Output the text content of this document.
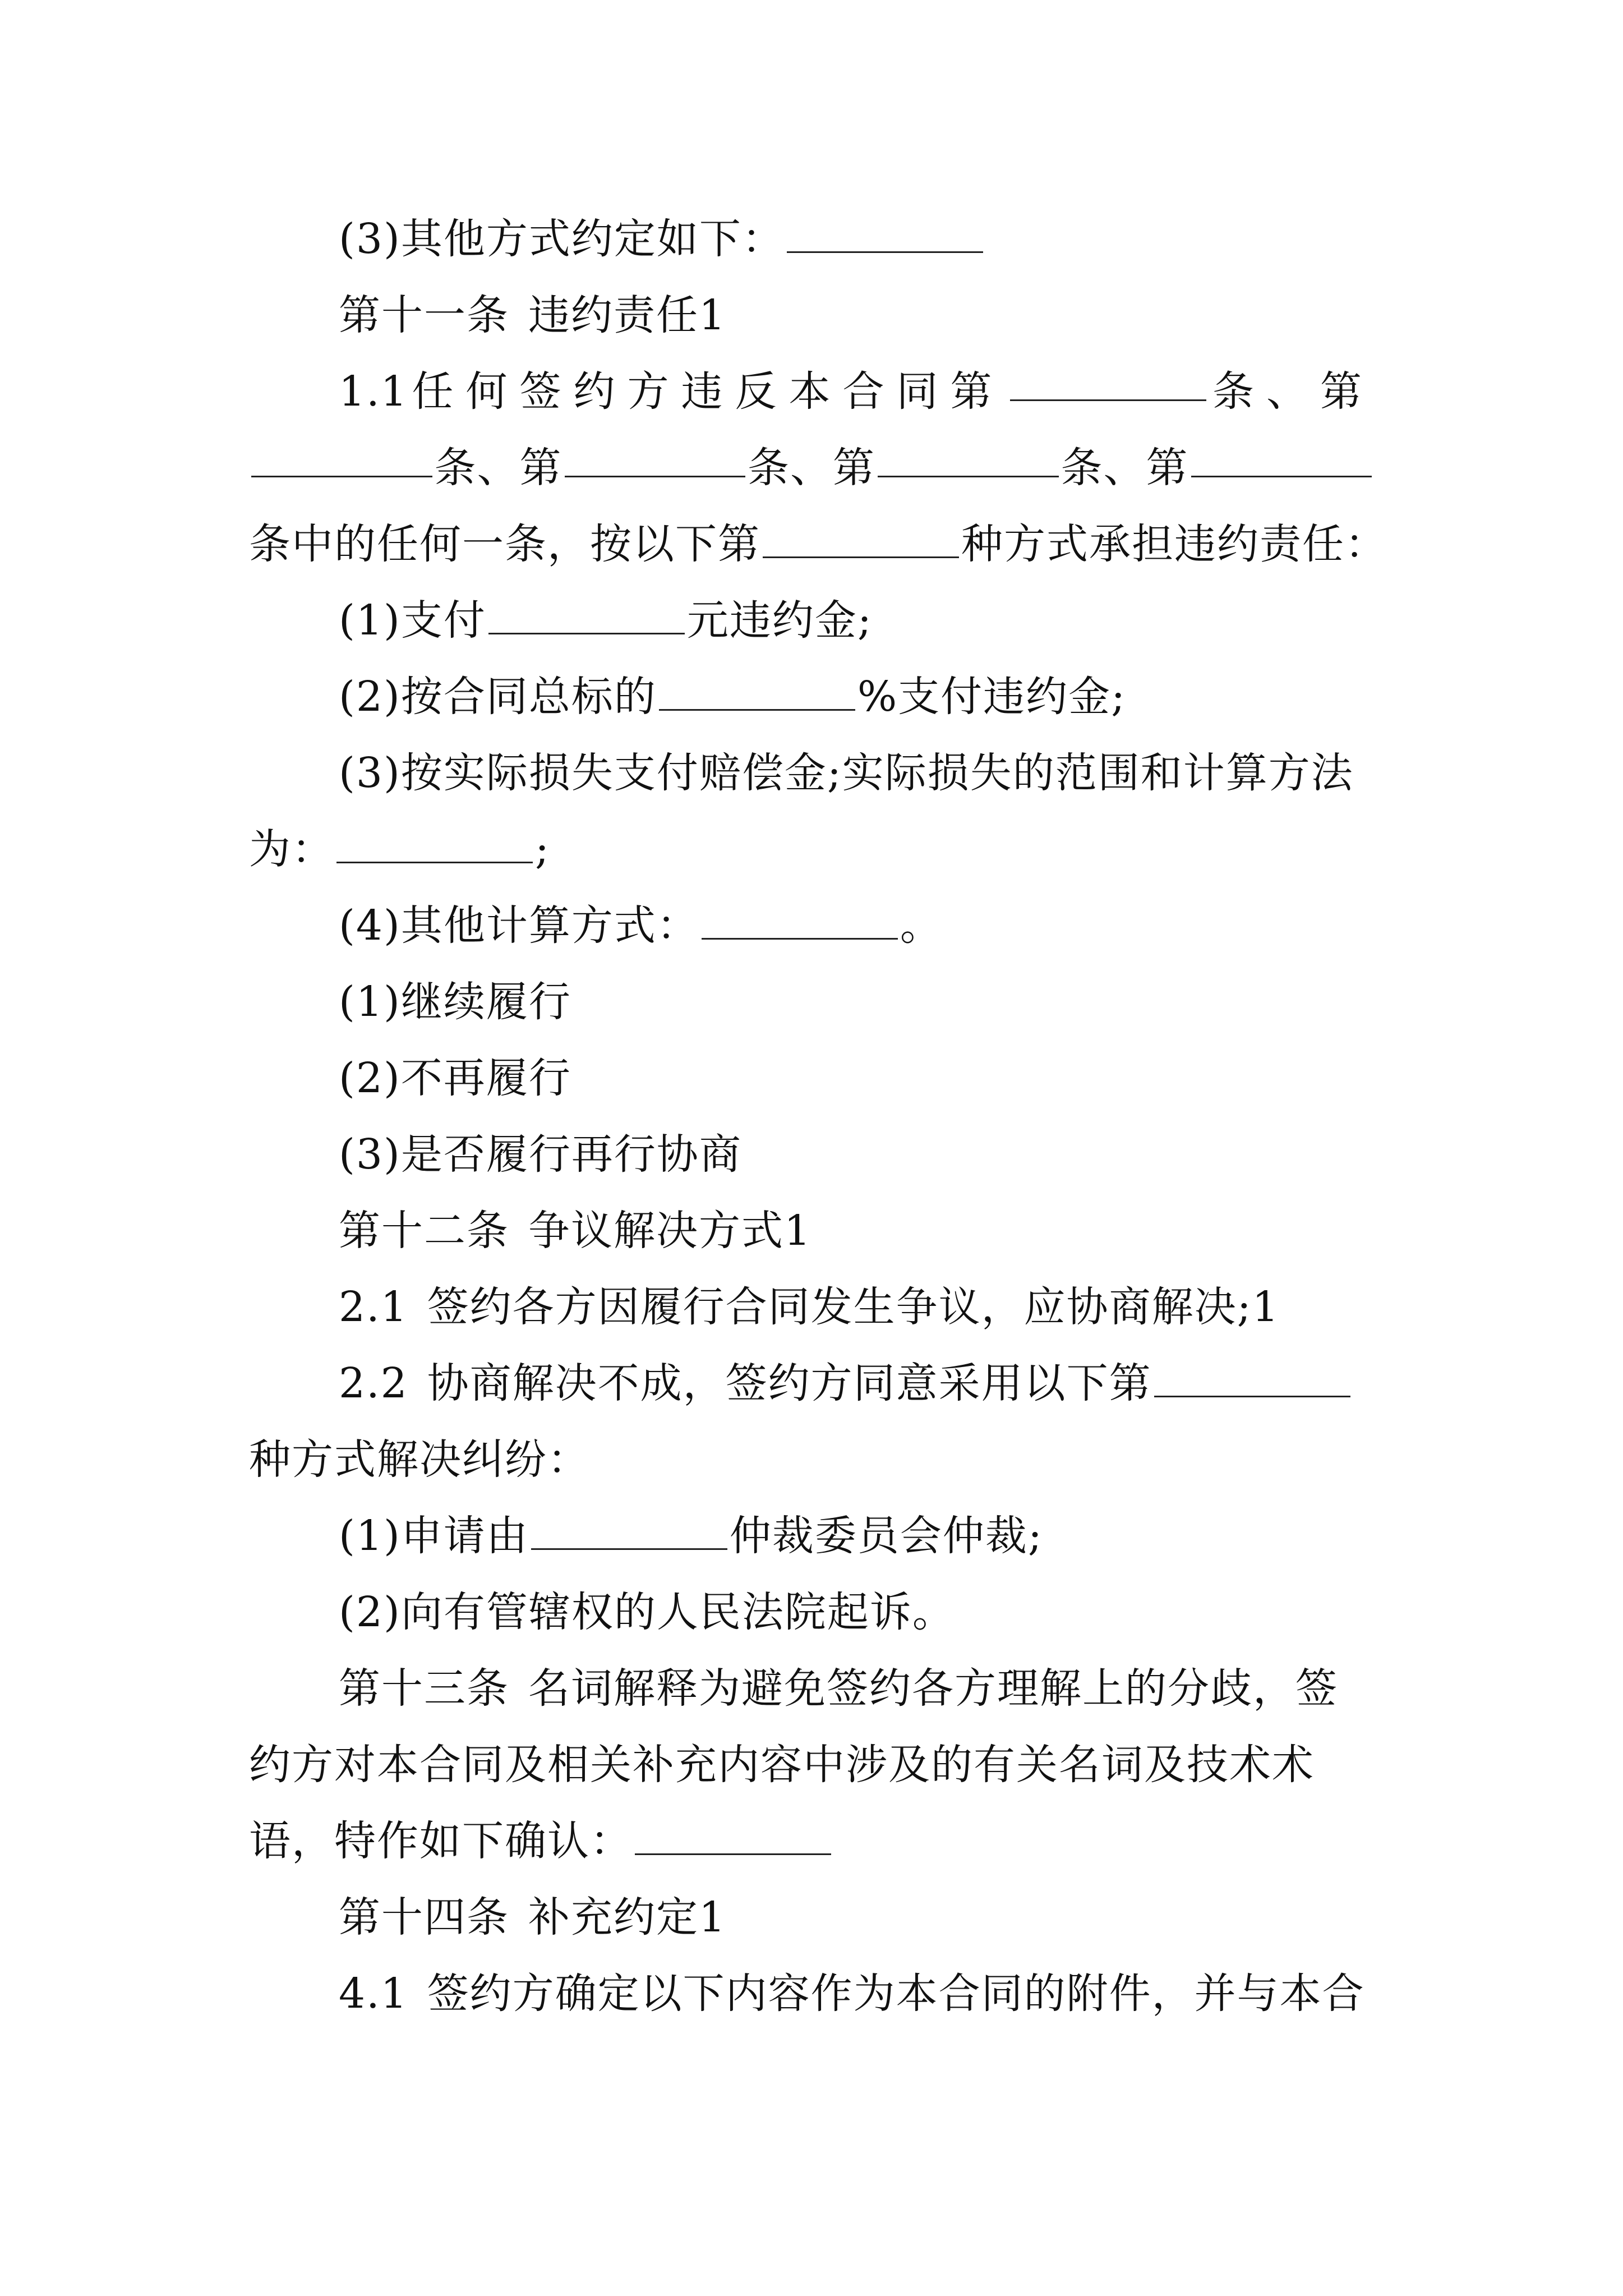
(3)其他方式约定如下：
第十一条 违约责任1
1.1 任何签约方违反本合同第	条、第
条、第	条、第	条、第
条中的任何一条，按以下第	种方式承担违约责任：
(1)支付	元违约金;
(2)按合同总标的	%支付违约金;
(3)按实际损失支付赔偿金;实际损失的范围和计算方法
为：	;
(4)其他计算方式：	。
(1)继续履行
(2)不再履行
(3)是否履行再行协商
第十二条 争议解决方式1
2.1 签约各方因履行合同发生争议，应协商解决;1
2.2 协商解决不成，签约方同意采用以下第
种方式解决纠纷：
(1)申请由	仲裁委员会仲裁;
(2)向有管辖权的人民法院起诉。
第十三条 名词解释为避免签约各方理解上的分歧，签
约方对本合同及相关补充内容中涉及的有关名词及技术术
语，特作如下确认：
第十四条 补充约定1
4.1 签约方确定以下内容作为本合同的附件，并与本合
